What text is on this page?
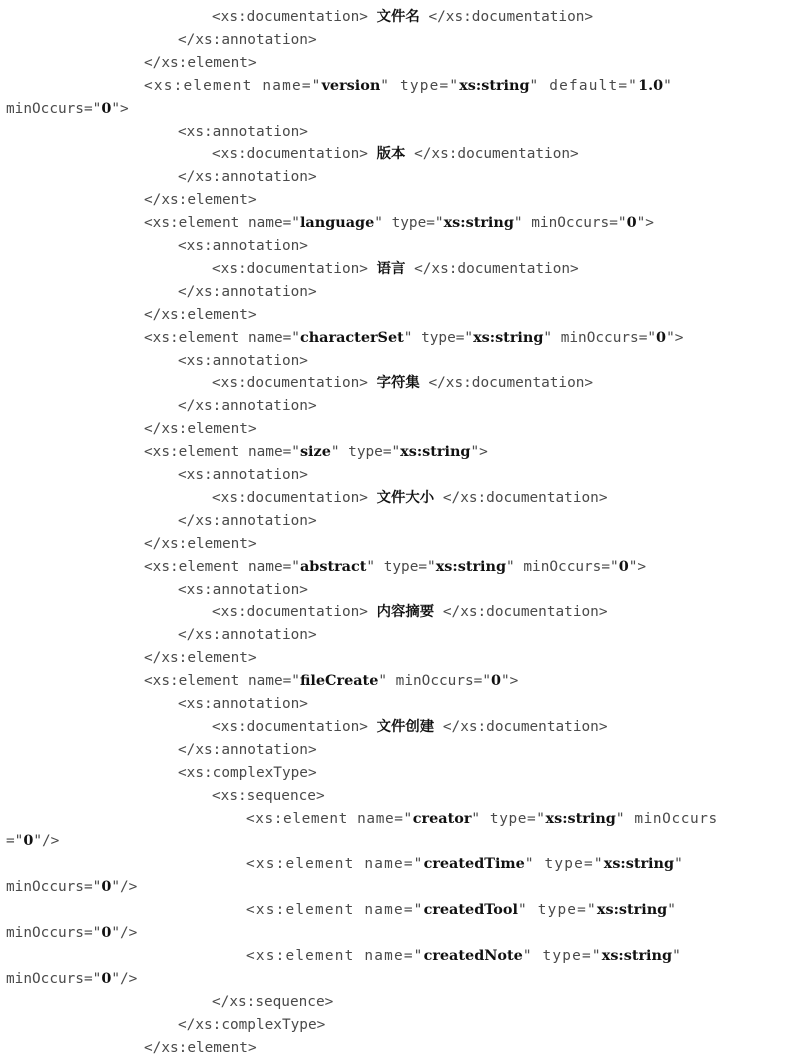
<xs:documentation> 文件名 </xs:documentation>
</xs:annotation>
</xs:element>
<xs:element name="version" type="xs:string" default="1.0"
minOccurs="0">
<xs:annotation>
<xs:documentation> 版本 </xs:documentation>
</xs:annotation>
</xs:element>
<xs:element name="language" type="xs:string" minOccurs="0">
<xs:annotation>
<xs:documentation> 语言 </xs:documentation>
</xs:annotation>
</xs:element>
<xs:element name="characterSet" type="xs:string" minOccurs="0">
<xs:annotation>
<xs:documentation> 字符集 </xs:documentation>
</xs:annotation>
</xs:element>
<xs:element name="size" type="xs:string">
<xs:annotation>
<xs:documentation> 文件大小 </xs:documentation>
</xs:annotation>
</xs:element>
<xs:element name="abstract" type="xs:string" minOccurs="0">
<xs:annotation>
<xs:documentation> 内容摘要 </xs:documentation>
</xs:annotation>
</xs:element>
<xs:element name="fileCreate" minOccurs="0">
<xs:annotation>
<xs:documentation> 文件创建 </xs:documentation>
</xs:annotation>
<xs:complexType>
<xs:sequence>
<xs:element name="creator" type="xs:string" minOccurs
="0"/>
<xs:element name="createdTime" type="xs:string"
minOccurs="0"/>
<xs:element name="createdTool" type="xs:string"
minOccurs="0"/>
<xs:element name="createdNote" type="xs:string"
minOccurs="0"/>
</xs:sequence>
</xs:complexType>
</xs:element>
